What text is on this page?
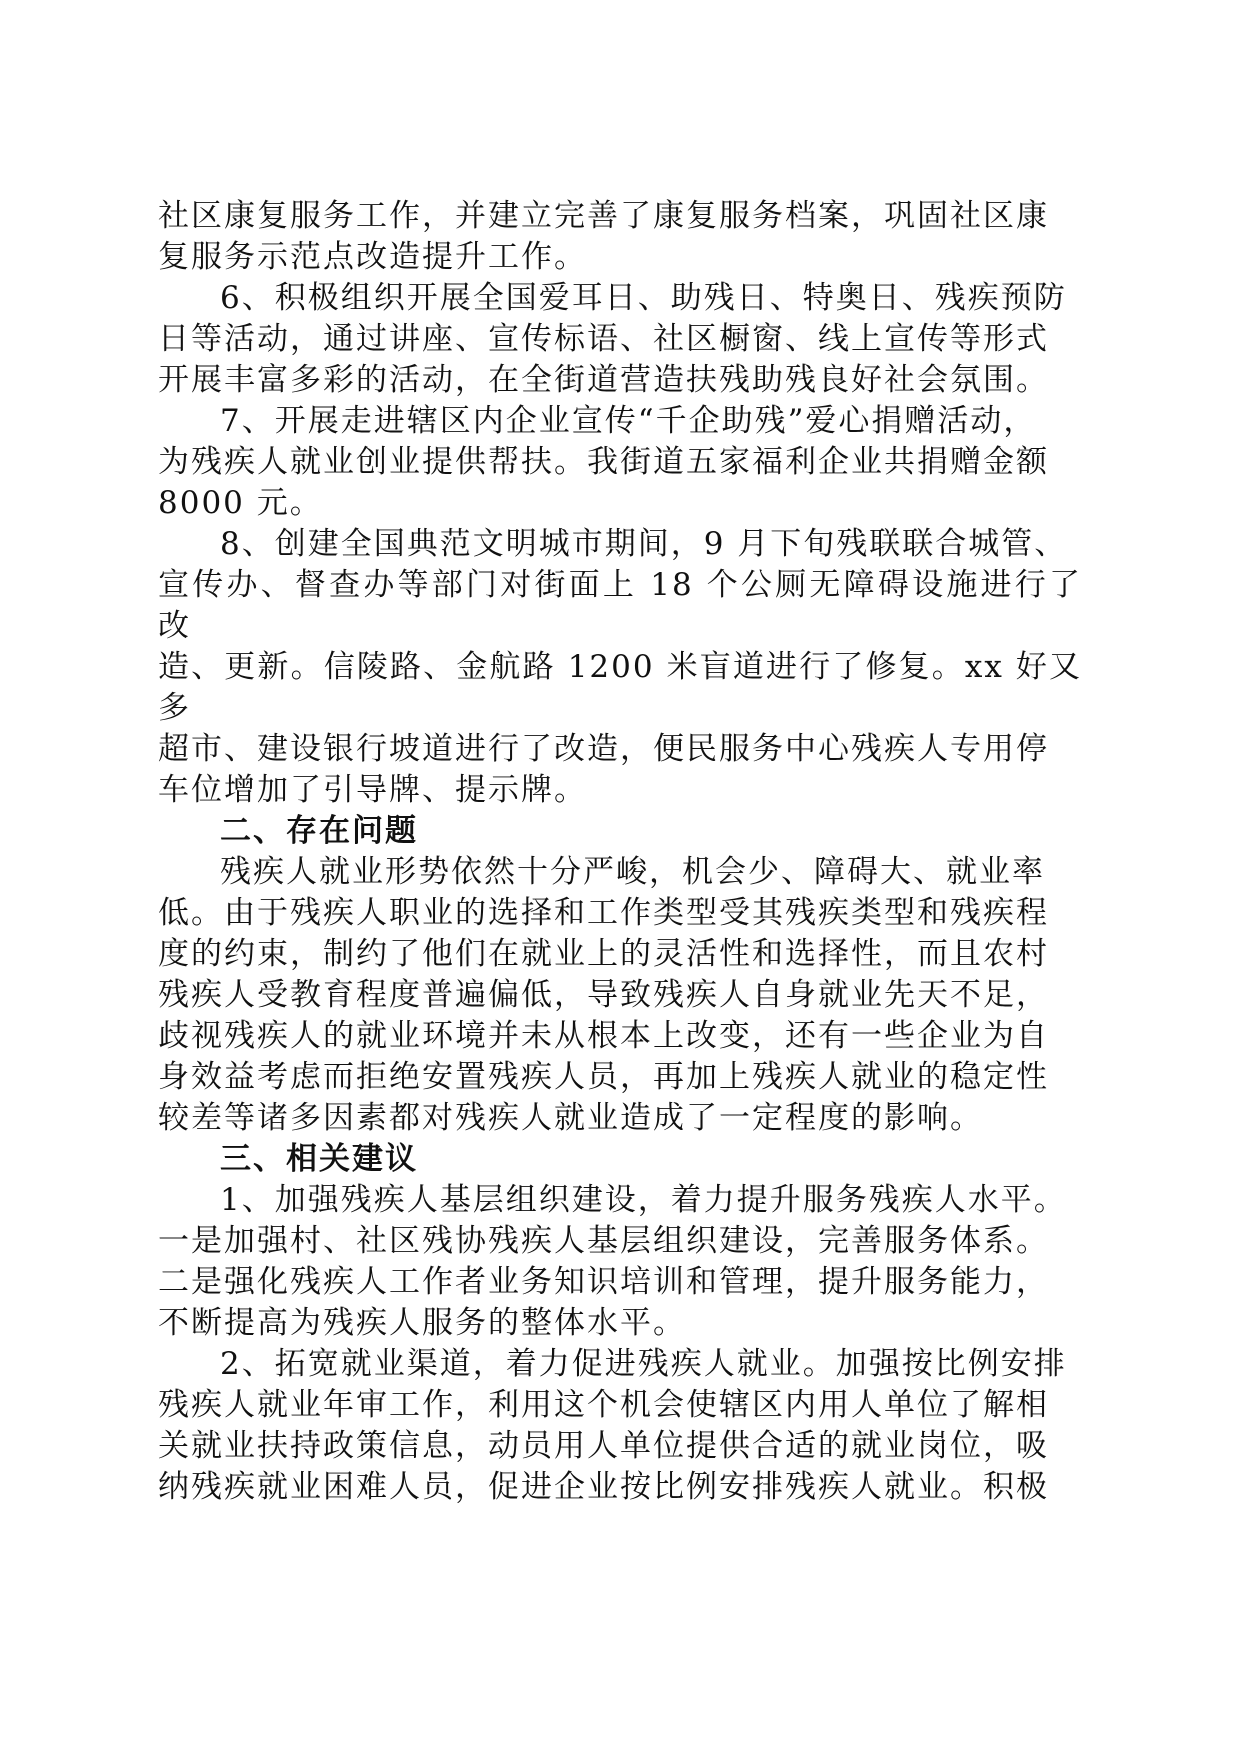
社区康复服务工作，并建立完善了康复服务档案，巩固社区康
复服务示范点改造提升工作。

6、积极组织开展全国爱耳日、助残日、特奥日、残疾预防
日等活动，通过讲座、宣传标语、社区橱窗、线上宣传等形式
开展丰富多彩的活动，在全街道营造扶残助残良好社会氛围。

7、开展走进辖区内企业宣传“千企助残”爱心捐赠活动，
为残疾人就业创业提供帮扶。我街道五家福利企业共捐赠金额
8000 元。

8、创建全国典范文明城市期间，9 月下旬残联联合城管、
宣传办、督查办等部门对街面上 18 个公厕无障碍设施进行了改
造、更新。信陵路、金航路 1200 米盲道进行了修复。xx 好又多
超市、建设银行坡道进行了改造，便民服务中心残疾人专用停
车位增加了引导牌、提示牌。

二、存在问题

残疾人就业形势依然十分严峻，机会少、障碍大、就业率
低。由于残疾人职业的选择和工作类型受其残疾类型和残疾程
度的约束，制约了他们在就业上的灵活性和选择性，而且农村
残疾人受教育程度普遍偏低，导致残疾人自身就业先天不足，
歧视残疾人的就业环境并未从根本上改变，还有一些企业为自
身效益考虑而拒绝安置残疾人员，再加上残疾人就业的稳定性
较差等诸多因素都对残疾人就业造成了一定程度的影响。

三、相关建议

1、加强残疾人基层组织建设，着力提升服务残疾人水平。
一是加强村、社区残协残疾人基层组织建设，完善服务体系。
二是强化残疾人工作者业务知识培训和管理，提升服务能力，
不断提高为残疾人服务的整体水平。

2、拓宽就业渠道，着力促进残疾人就业。加强按比例安排
残疾人就业年审工作，利用这个机会使辖区内用人单位了解相
关就业扶持政策信息，动员用人单位提供合适的就业岗位，吸
纳残疾就业困难人员，促进企业按比例安排残疾人就业。积极
